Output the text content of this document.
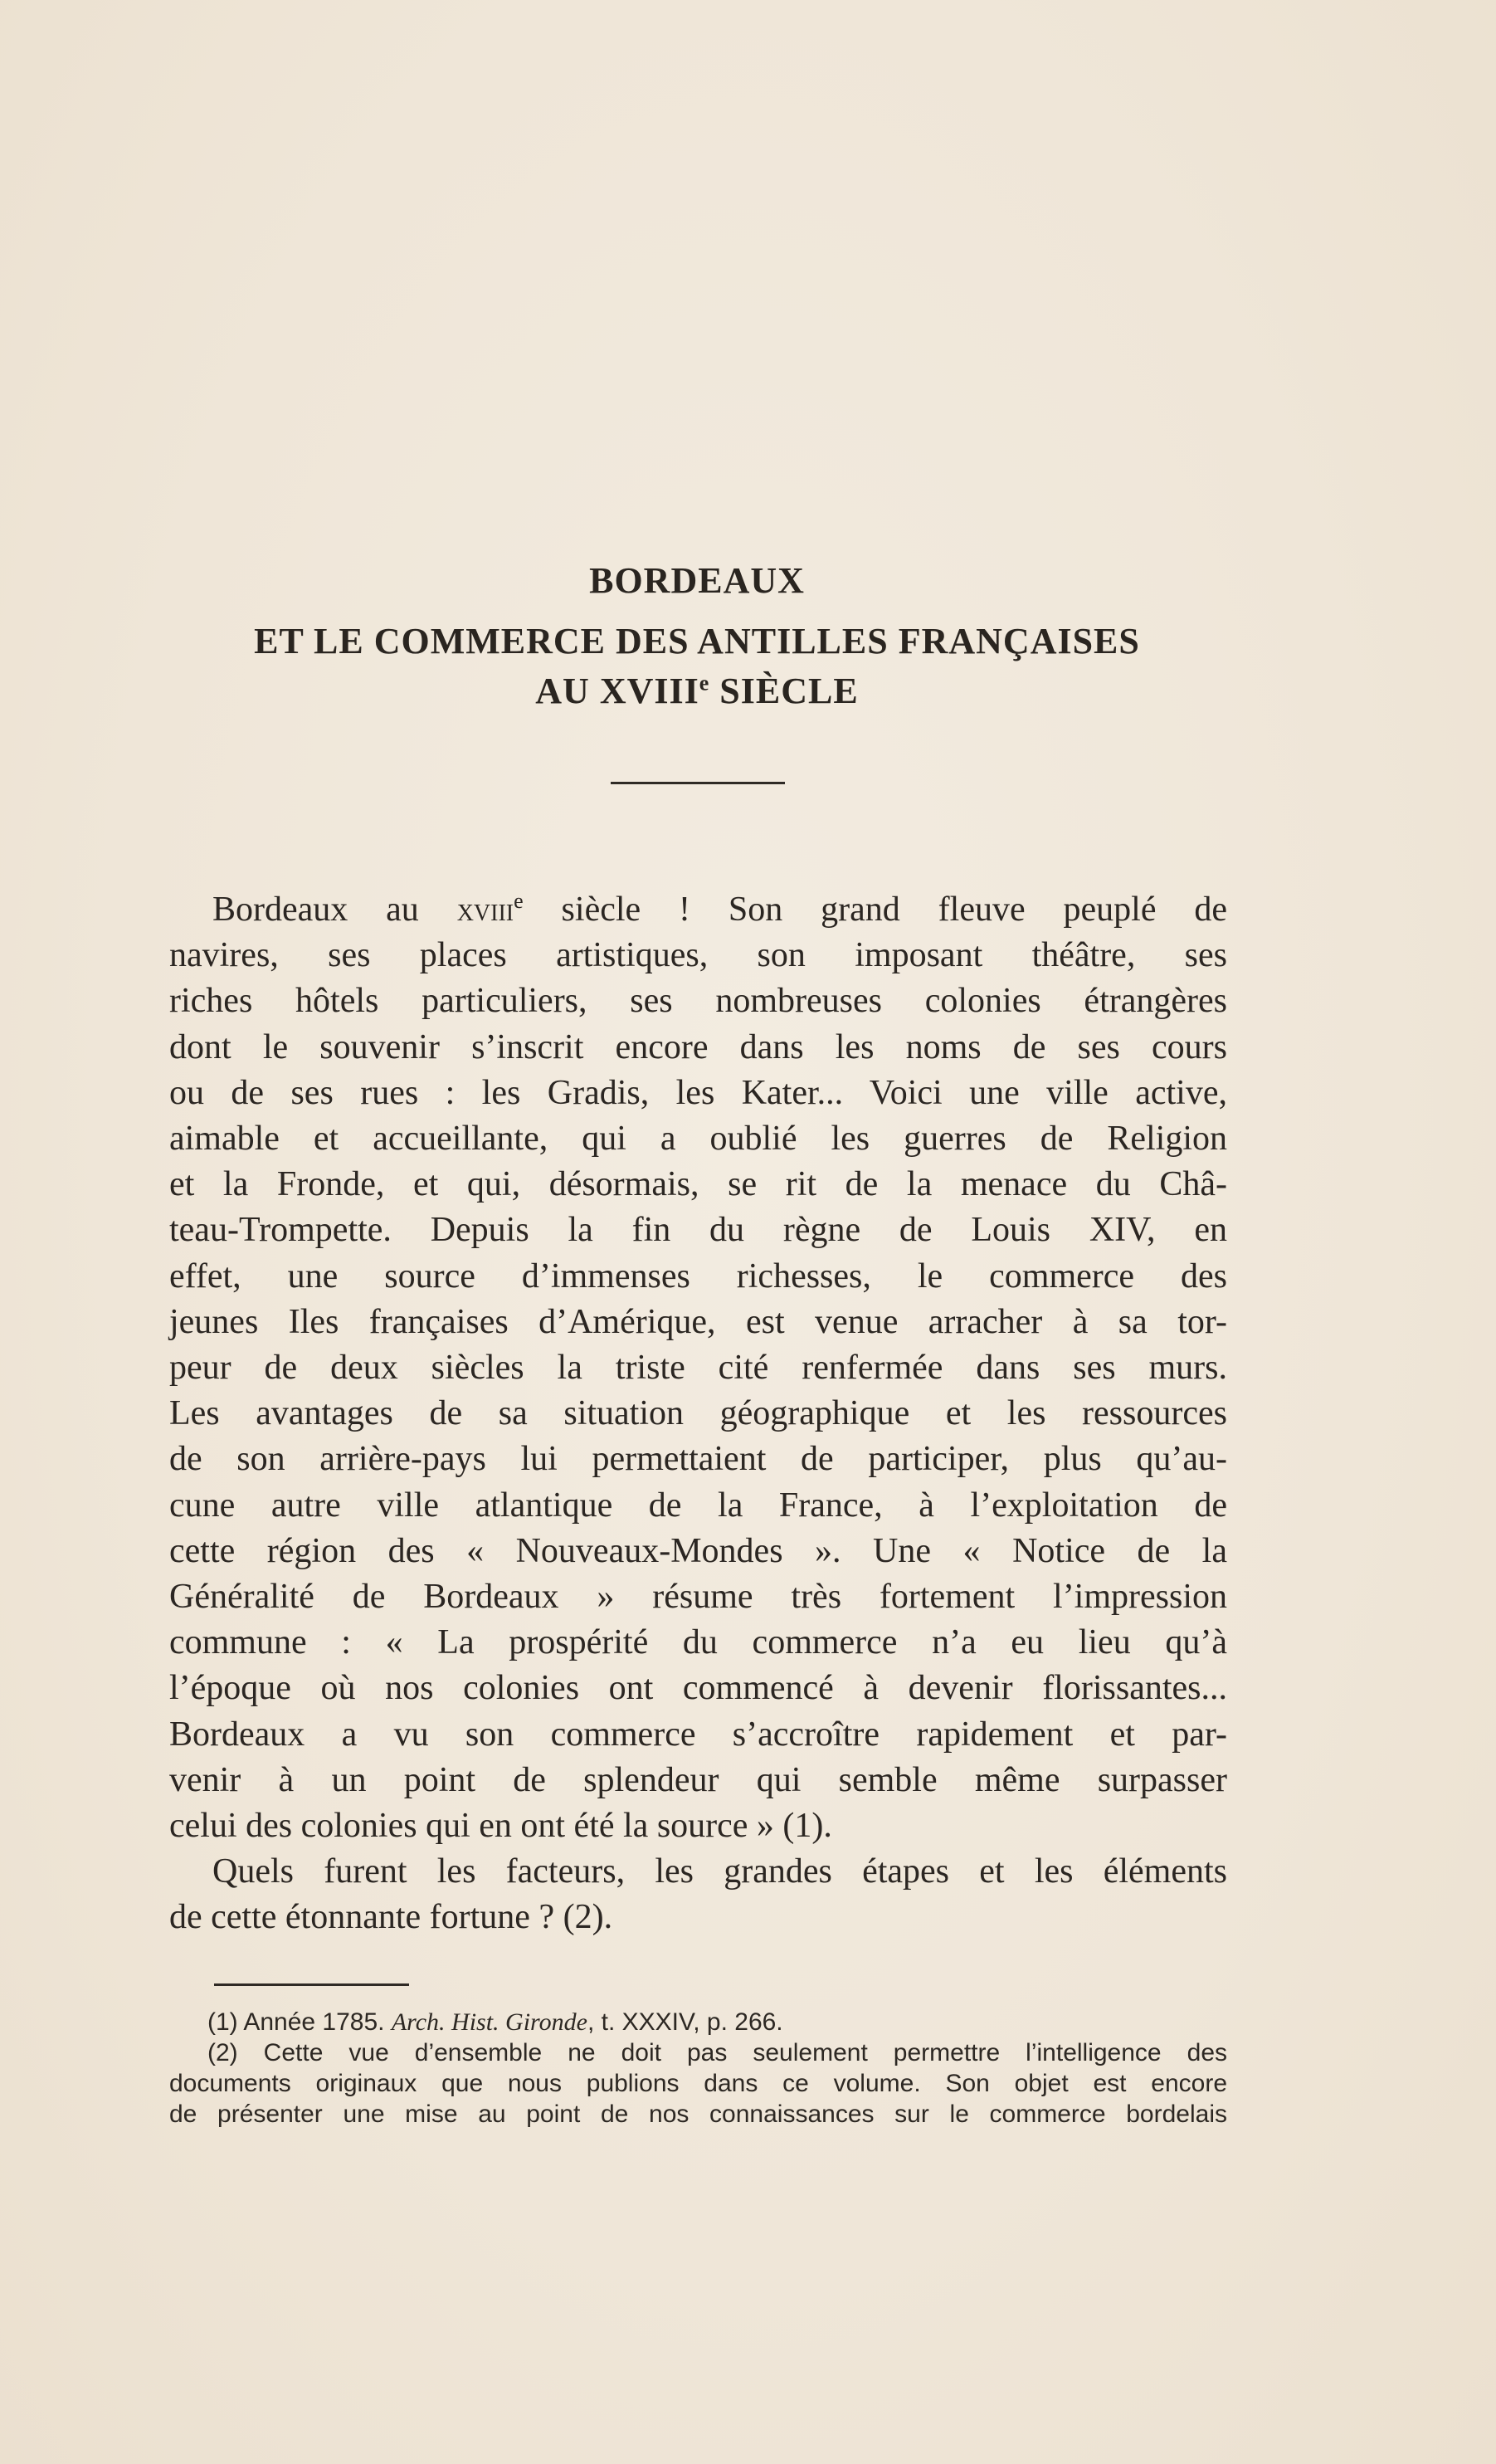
BORDEAUX
ET LE COMMERCE DES ANTILLES FRANÇAISES
AU XVIIIe SIÈCLE
Bordeaux au xviii$^e$ siècle ! Son grand fleuve peuplé de
navires, ses places artistiques, son imposant théâtre, ses
riches hôtels particuliers, ses nombreuses colonies étrangères
dont le souvenir s’inscrit encore dans les noms de ses cours
ou de ses rues : les Gradis, les Kater... Voici une ville active,
aimable et accueillante, qui a oublié les guerres de Religion
et la Fronde, et qui, désormais, se rit de la menace du Châ-
teau-Trompette. Depuis la fin du règne de Louis XIV, en
effet, une source d’immenses richesses, le commerce des
jeunes Iles françaises d’Amérique, est venue arracher à sa tor-
peur de deux siècles la triste cité renfermée dans ses murs.
Les avantages de sa situation géographique et les ressources
de son arrière-pays lui permettaient de participer, plus qu’au-
cune autre ville atlantique de la France, à l’exploitation de
cette région des « Nouveaux-Mondes ». Une « Notice de la
Généralité de Bordeaux » résume très fortement l’impression
commune : « La prospérité du commerce n’a eu lieu qu’à
l’époque où nos colonies ont commencé à devenir florissantes...
Bordeaux a vu son commerce s’accroître rapidement et par-
venir à un point de splendeur qui semble même surpasser
celui des colonies qui en ont été la source » (1).
Quels furent les facteurs, les grandes étapes et les éléments
de cette étonnante fortune ? (2).
(1) Année 1785. Arch. Hist. Gironde, t. XXXIV, p. 266.
(2) Cette vue d’ensemble ne doit pas seulement permettre l’intelligence des
documents originaux que nous publions dans ce volume. Son objet est encore
de présenter une mise au point de nos connaissances sur le commerce bordelais
